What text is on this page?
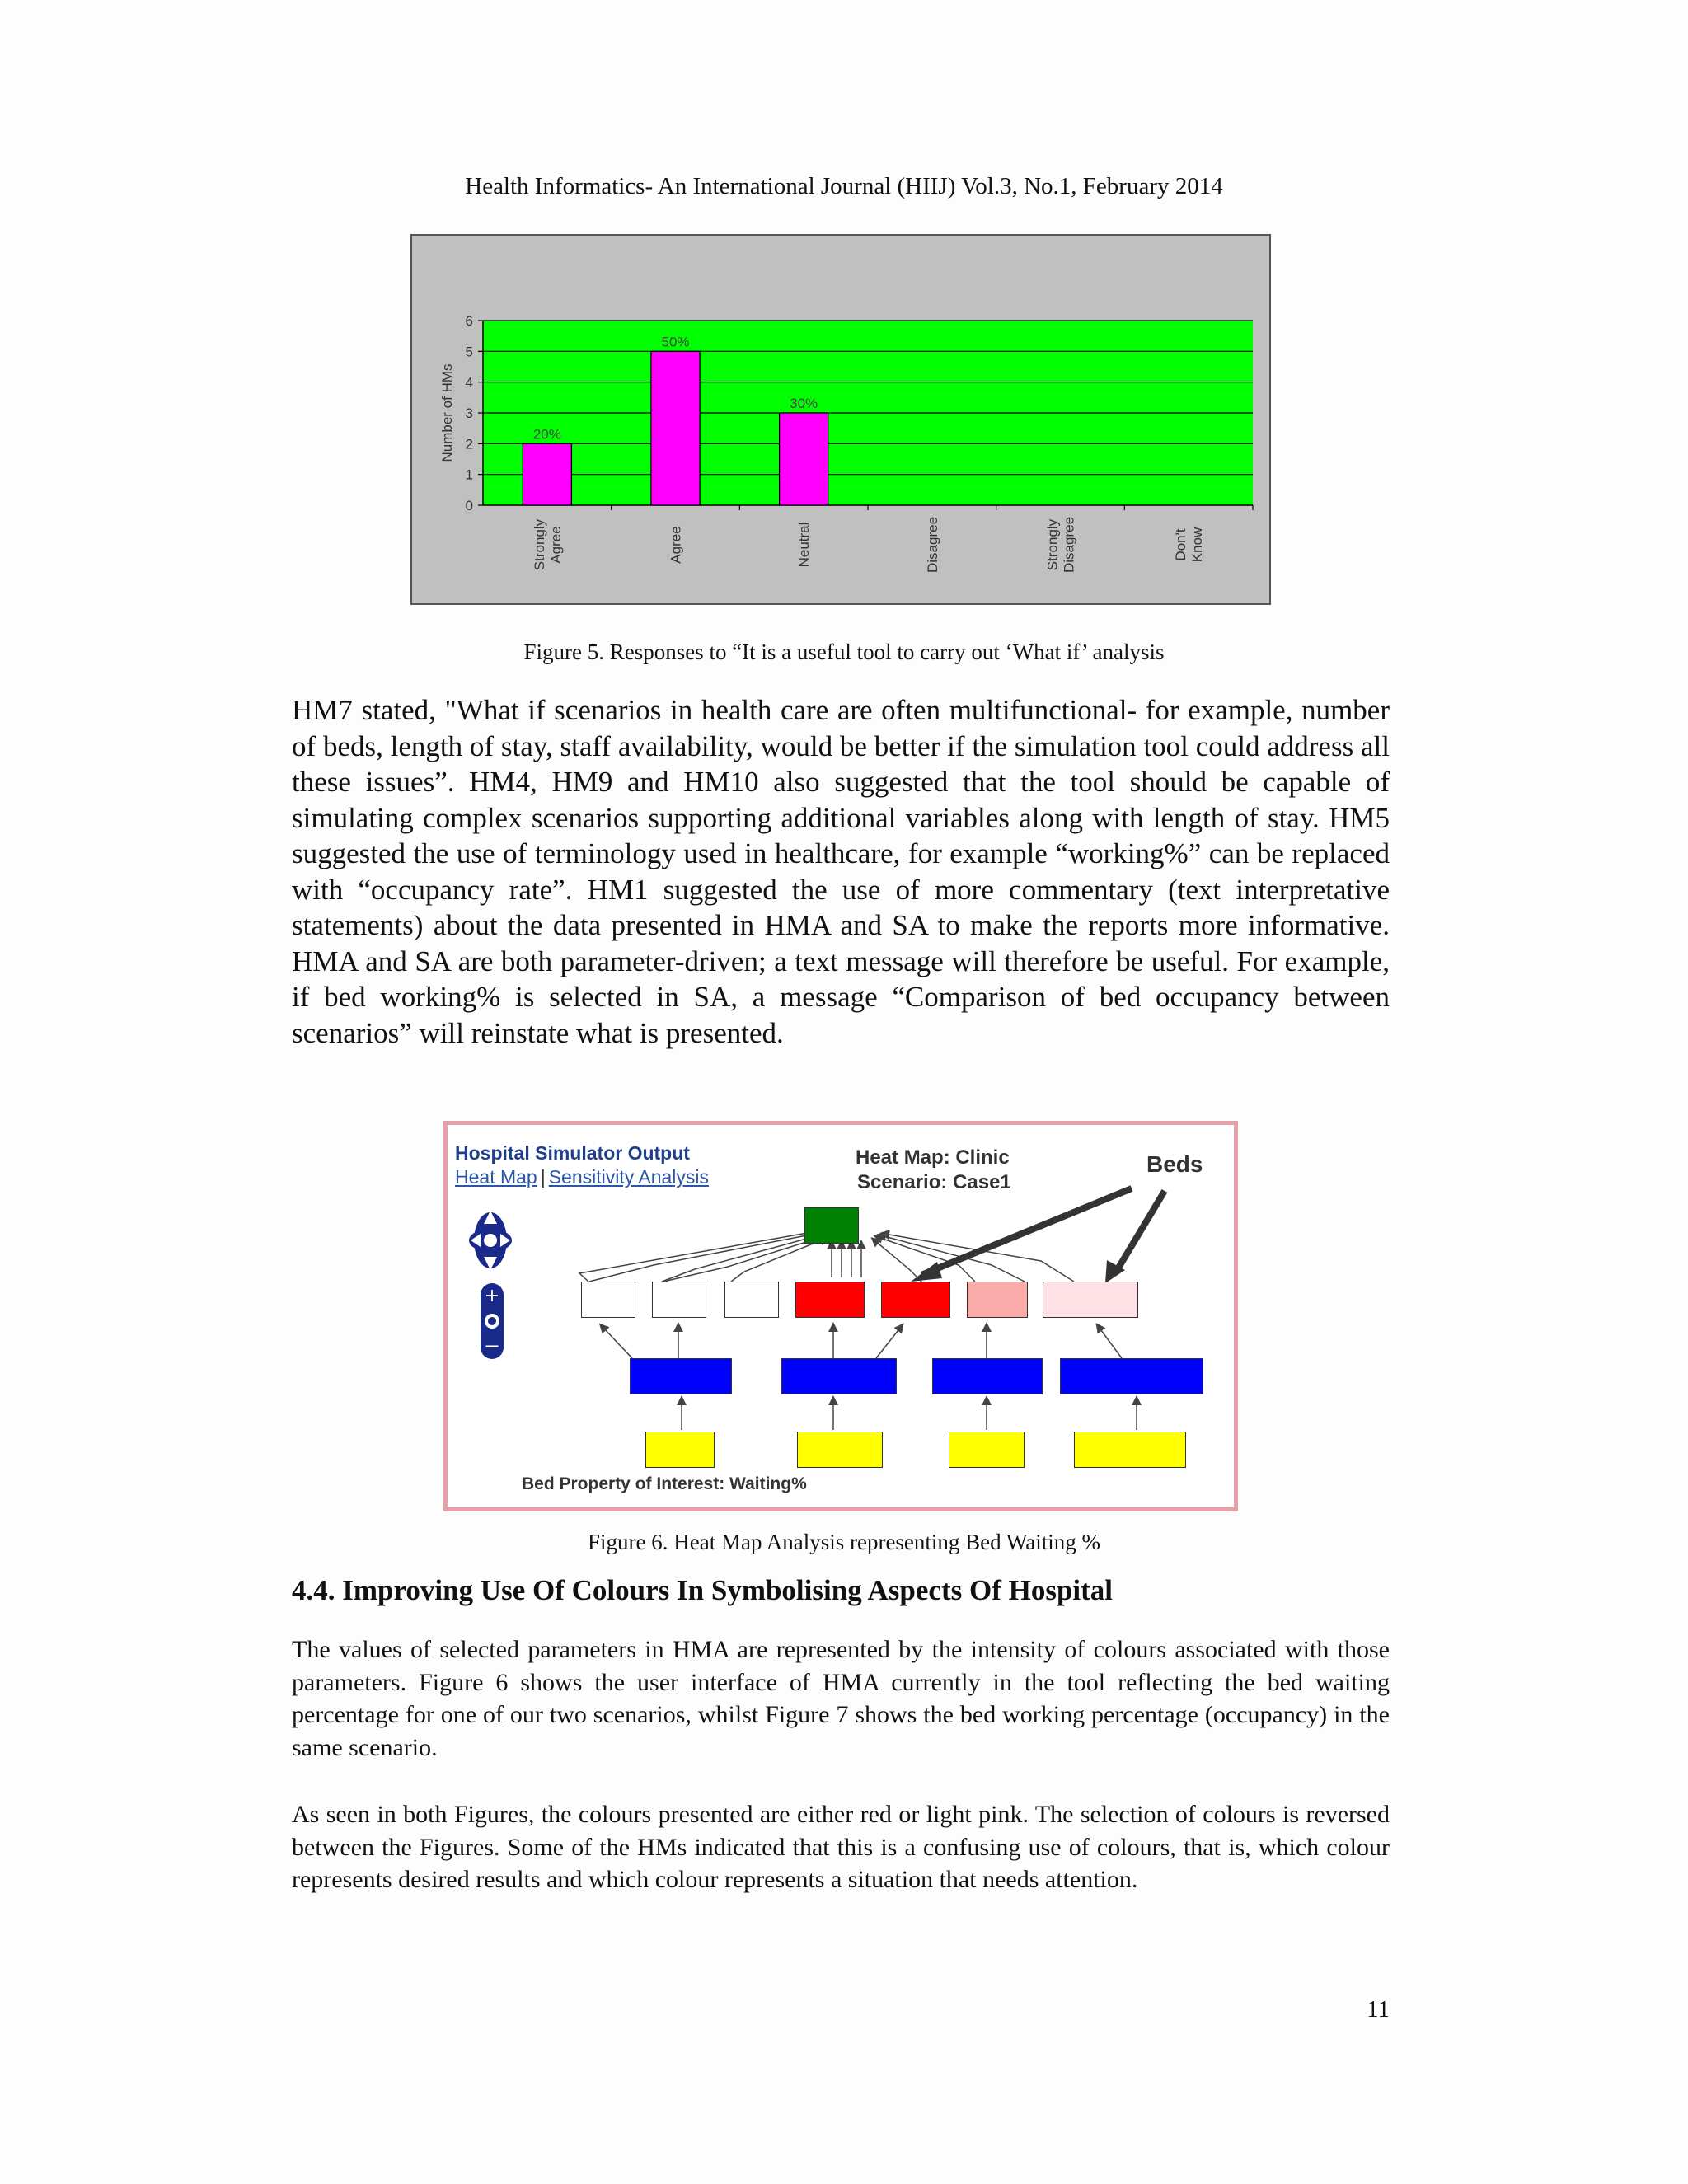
Health Informatics- An International Journal (HIIJ) Vol.3, No.1, February 2014
0
1
2
3
4
5
6
Number of HMs	20%
Strongly Agree
50%
Agree
30%
Neutral	Disagree	Strongly Disagree	Don't Know
Figure 5. Responses to “It is a useful tool to carry out ‘What if’ analysis

HM7 stated, "What if scenarios in health care are often multifunctional- for example, number of beds, length of stay, staff availability, would be better if the simulation tool could address all these issues”. HM4, HM9 and HM10 also suggested that the tool should be capable of simulating complex scenarios supporting additional variables along with length of stay. HM5 suggested the use of terminology used in healthcare, for example “working%” can be replaced with “occupancy rate”. HM1 suggested the use of more commentary (text interpretative statements) about the data presented in HMA and SA to make the reports more informative. HMA and SA are both parameter-driven; a text message will therefore be useful. For example, if bed working% is selected in SA, a message “Comparison of bed occupancy between scenarios” will reinstate what is presented.

Hospital Simulator Output
Heat Map | Sensitivity Analysis
Heat Map: Clinic
Scenario: Case1
Beds
+
−
Bed Property of Interest: Waiting%
Figure 6. Heat Map Analysis representing Bed Waiting %
4.4. Improving Use Of Colours In Symbolising Aspects Of Hospital

The values of selected parameters in HMA are represented by the intensity of colours associated with those parameters. Figure 6 shows the user interface of HMA currently in the tool reflecting the bed waiting percentage for one of our two scenarios, whilst Figure 7 shows the bed working percentage (occupancy) in the same scenario.

As seen in both Figures, the colours presented are either red or light pink. The selection of colours is reversed between the Figures. Some of the HMs indicated that this is a confusing use of colours, that is, which colour represents desired results and which colour represents a situation that needs attention.

11
